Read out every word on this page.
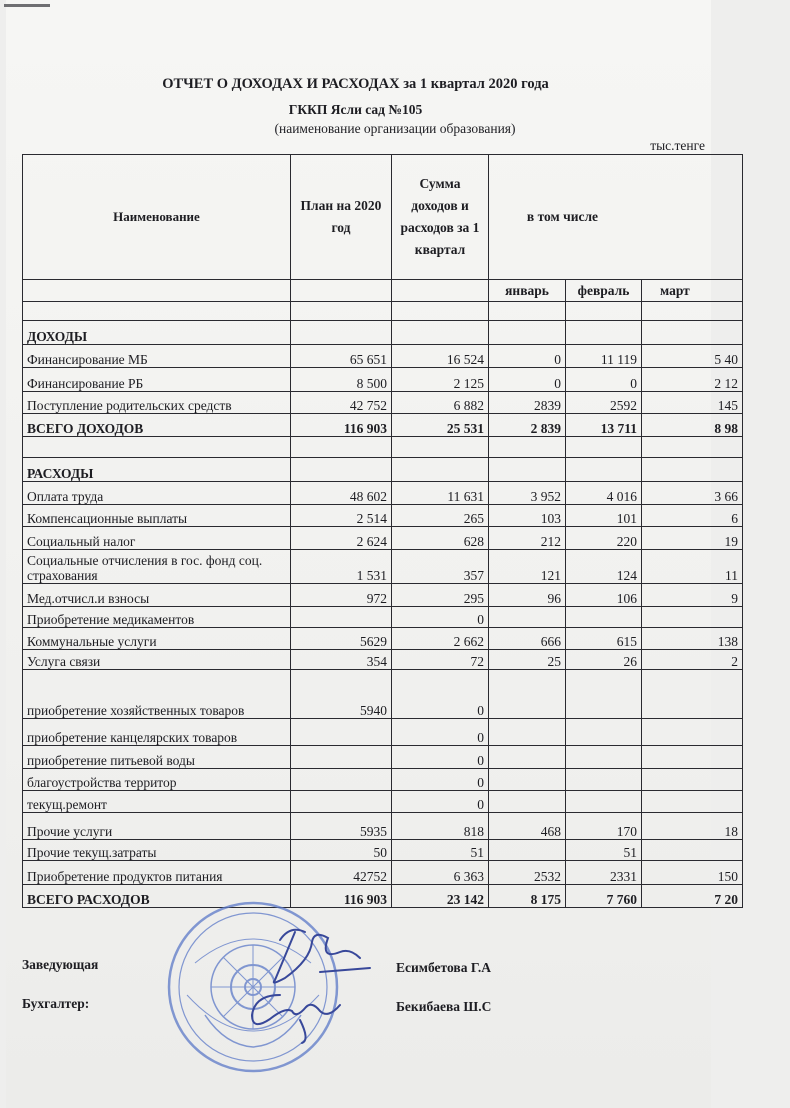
ОТЧЕТ О ДОХОДАХ И РАСХОДАХ за 1 квартал 2020 года
ГККП Ясли сад №105
(наименование организации образования)
тыс.тенге
Наименование	План на 2020 год	Сумма доходов и расходов за 1 квартал	в том числе		
			январь	февраль	март

ДОХОДЫ					
Финансирование МБ	65 651	16 524	0	11 119	5 40
Финансирование РБ	8 500	2 125	0	0	2 12
Поступление родительских средств	42 752	6 882	2839	2592	145
ВСЕГО ДОХОДОВ	116 903	25 531	2 839	13 711	8 98

РАСХОДЫ					
Оплата труда	48 602	11 631	3 952	4 016	3 66
Компенсационные выплаты	2 514	265	103	101	6
Социальный налог	2 624	628	212	220	19
Социальные отчисления в гос. фонд соц. страхования	1 531	357	121	124	11
Мед.отчисл.и взносы	972	295	96	106	9
Приобретение медикаментов		0			
Коммунальные услуги	5629	2 662	666	615	138
Услуга связи	354	72	25	26	2
приобретение хозяйственных товаров	5940	0			
приобретение канцелярских товаров		0			
приобретение питьевой воды		0			
благоустройства территор		0			
текущ.ремонт		0			
Прочие услуги	5935	818	468	170	18
Прочие текущ.затраты	50	51		51	
Приобретение продуктов питания	42752	6 363	2532	2331	150
ВСЕГО РАСХОДОВ	116 903	23 142	8 175	7 760	7 20
Заведующая	Есимбетова Г.А
Бухгалтер:	Бекибаева Ш.С
